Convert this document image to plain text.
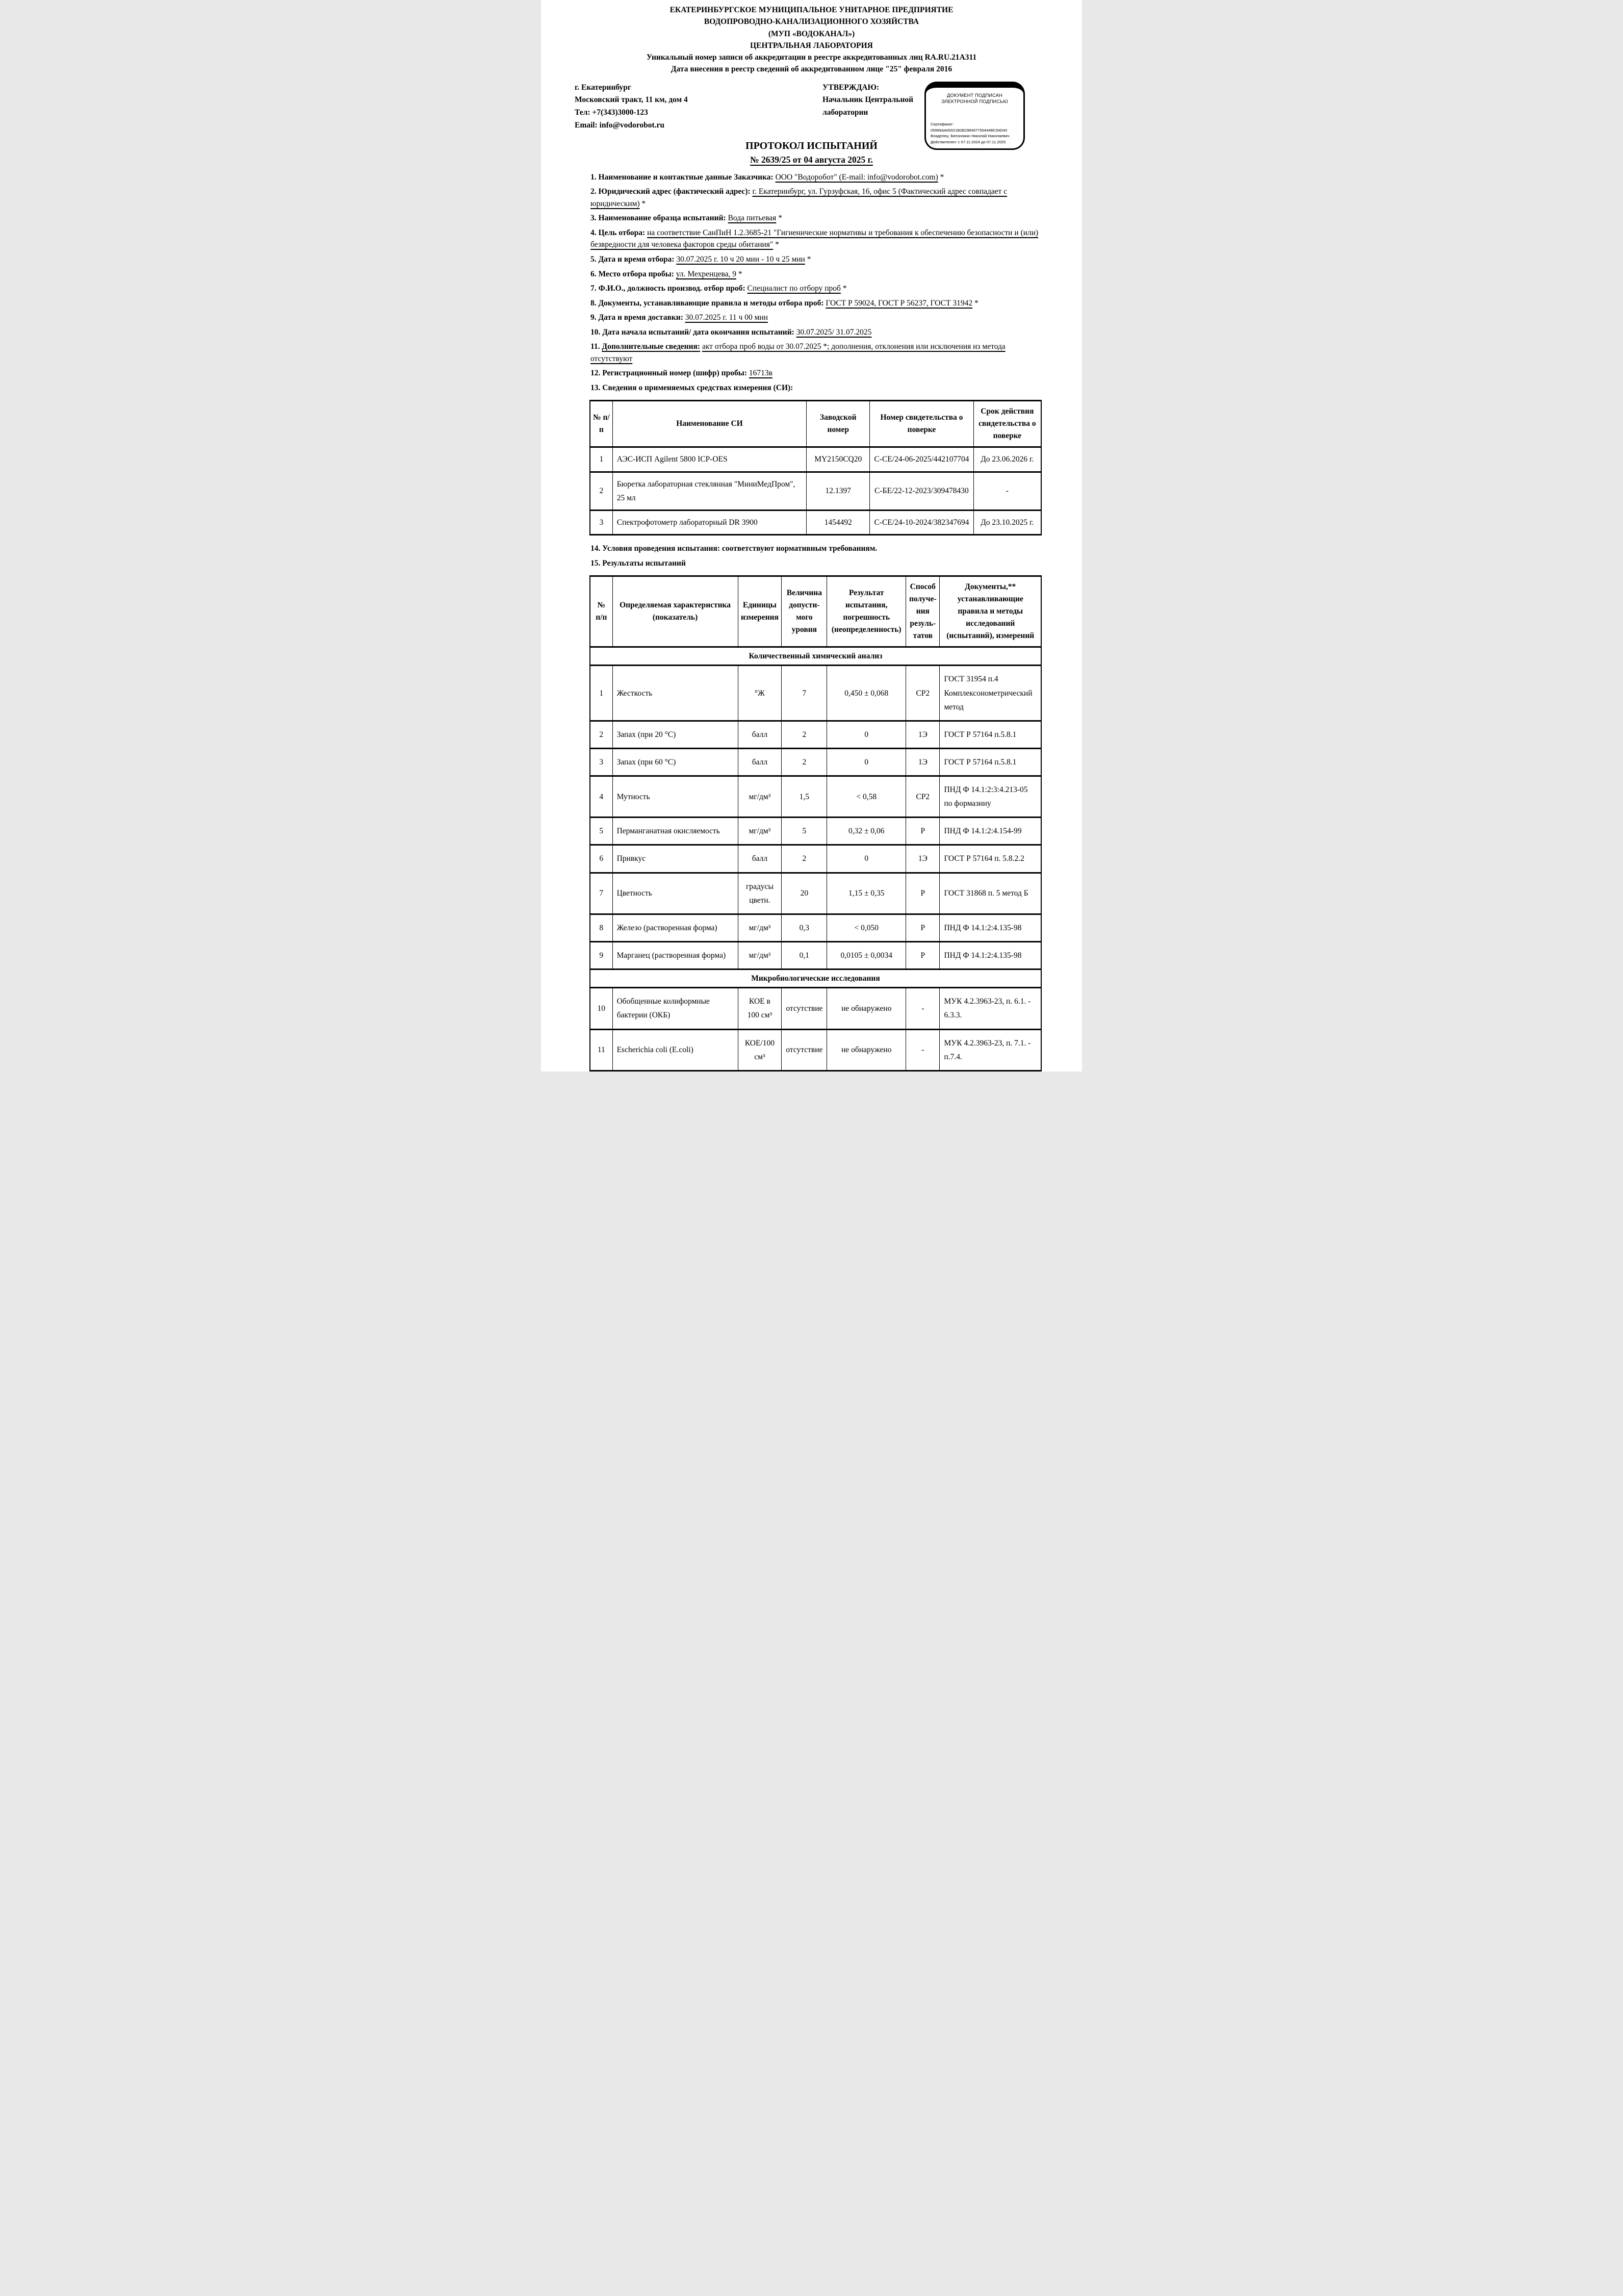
ЕКАТЕРИНБУРГСКОЕ МУНИЦИПАЛЬНОЕ УНИТАРНОЕ ПРЕДПРИЯТИЕ
ВОДОПРОВОДНО-КАНАЛИЗАЦИОННОГО ХОЗЯЙСТВА
(МУП «ВОДОКАНАЛ»)
ЦЕНТРАЛЬНАЯ ЛАБОРАТОРИЯ
Уникальный номер записи об аккредитации в реестре аккредитованных лиц RA.RU.21А311
Дата внесения в реестр сведений об аккредитованном лице "25" февраля 2016
г. Екатеринбург
Московский тракт, 11 км, дом 4
Тел: +7(343)3000-123
Email: info@vodorobot.ru
УТВЕРЖДАЮ:
Начальник Центральной
лаборатории
ДОКУМЕНТ ПОДПИСАН
ЭЛЕКТРОННОЙ ПОДПИСЬЮ
Сертификат: 05999AA00021B2B298497755444BC54D40
Владелец: Белоножко Николай Николаевич
Действителен: с 07.11.2024 до 07.11.2025
ПРОТОКОЛ ИСПЫТАНИЙ
№ 2639/25 от 04 августа 2025 г.
1. Наименование и контактные данные Заказчика: ООО "Водоробот" (E-mail: info@vodorobot.com) *
2. Юридический адрес (фактический адрес): г. Екатеринбург, ул. Гурзуфская, 16, офис 5 (Фактический адрес совпадает с юридическим) *
3. Наименование образца испытаний: Вода питьевая *
4. Цель отбора: на соответствие СанПиН 1.2.3685-21 "Гигиенические нормативы и требования к обеспечению безопасности и (или) безвредности для человека факторов среды обитания" *
5. Дата и время отбора: 30.07.2025 г. 10 ч 20 мин - 10 ч 25 мин *
6. Место отбора пробы: ул. Мехренцева, 9 *
7. Ф.И.О., должность производ. отбор проб: Специалист по отбору проб *
8. Документы, устанавливающие правила и методы отбора проб: ГОСТ Р 59024, ГОСТ Р 56237, ГОСТ 31942 *
9. Дата и время доставки: 30.07.2025 г. 11 ч 00 мин
10. Дата начала испытаний/ дата окончания испытаний: 30.07.2025/ 31.07.2025
11. Дополнительные сведения: акт отбора проб воды от 30.07.2025 *; дополнения, отклонения или исключения из метода отсутствуют
12. Регистрационный номер (шифр) пробы: 16713в
13. Сведения о применяемых средствах измерения (СИ):
№ п/п	Наименование СИ	Заводской номер	Номер свидетельства о поверке	Срок действия свидетельства о поверке
1	АЭС-ИСП Agilent 5800 ICP-OES	MY2150CQ20	С-СЕ/24-06-2025/442107704	До 23.06.2026 г.
2	Бюретка лабораторная стеклянная "МиниМедПром", 25 мл	12.1397	С-БЕ/22-12-2023/309478430	-
3	Спектрофотометр лабораторный DR 3900	1454492	С-СЕ/24-10-2024/382347694	До 23.10.2025 г.
14. Условия проведения испытания: соответствуют нормативным требованиям.
15. Результаты испытаний
№ п/п	Определяемая характеристика (показатель)	Единицы измерения	Величина допусти-мого уровня	Результат испытания, погрешность (неопределенность)	Способ получе-ния резуль-татов	Документы,** устанавливающие правила и методы исследований (испытаний), измерений
Количественный химический анализ						
1	Жесткость	°Ж	7	0,450 ± 0,068	СР2	ГОСТ 31954 п.4 Комплексонометрический метод
2	Запах (при 20 °С)	балл	2	0	1Э	ГОСТ Р 57164 п.5.8.1
3	Запах (при 60 °С)	балл	2	0	1Э	ГОСТ Р 57164 п.5.8.1
4	Мутность	мг/дм³	1,5	< 0,58	СР2	ПНД Ф 14.1:2:3:4.213-05 по формазину
5	Перманганатная окисляемость	мг/дм³	5	0,32 ± 0,06	Р	ПНД Ф 14.1:2:4.154-99
6	Привкус	балл	2	0	1Э	ГОСТ Р 57164 п. 5.8.2.2
7	Цветность	градусы цветн.	20	1,15 ± 0,35	Р	ГОСТ 31868 п. 5 метод Б
8	Железо (растворенная форма)	мг/дм³	0,3	< 0,050	Р	ПНД Ф 14.1:2:4.135-98
9	Марганец (растворенная форма)	мг/дм³	0,1	0,0105 ± 0,0034	Р	ПНД Ф 14.1:2:4.135-98
Микробиологические исследования						
10	Обобщенные колиформные бактерии (ОКБ)	КОЕ в 100 см³	отсутствие	не обнаружено	-	МУК 4.2.3963-23, п. 6.1. - 6.3.3.
11	Escherichia coli (E.coli)	КОЕ/100 см³	отсутствие	не обнаружено	-	МУК 4.2.3963-23, п. 7.1. - п.7.4.
